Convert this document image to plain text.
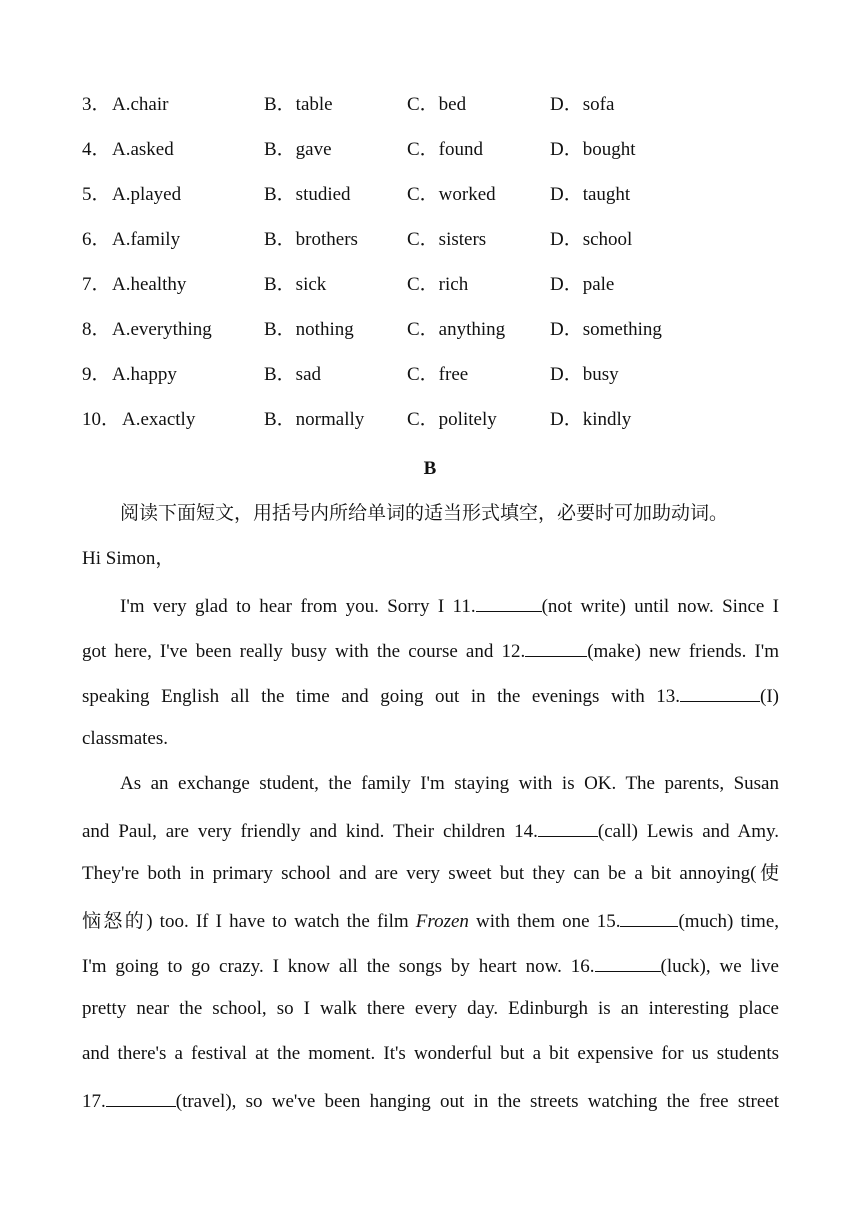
3． A.chair	B．table	C．bed	D．sofa
4． A.asked	B．gave	C．found	D．bought
5． A.played	B．studied	C．worked	D．taught
6． A.family	B．brothers	C．sisters	D．school
7． A.healthy	B．sick	C．rich	D．pale
8． A.everything	B．nothing	C．anything D．something
9． A.happy	B．sad	C．free	D．busy
10． A.exactly	B．normally C．politely	D．kindly
B
阅读下面短文，用括号内所给单词的适当形式填空，必要时可加助动词。
Hi Simon，
I'm very glad to hear from you. Sorry I 11.	(not write) until now. Since I
got here, I've been really busy with the course and 12.	(make) new friends. I'm
speaking English all the time and going out in the evenings with 13.	(I)
classmates.
As an exchange student, the family I'm staying with is OK. The parents, Susan
and Paul, are very friendly and kind. Their children 14.	(call) Lewis and Amy.
They're both in primary school and are very sweet but they can be a bit annoying(使
恼怒的) too. If I have to watch the film Frozen with them one 15.	(much) time,
I'm going to go crazy. I know all the songs by heart now. 16.	(luck), we live
pretty near the school, so I walk there every day. Edinburgh is an interesting place
and there's a festival at the moment. It's wonderful but a bit expensive for us students
17.	(travel), so we've been hanging out in the streets watching the free street
